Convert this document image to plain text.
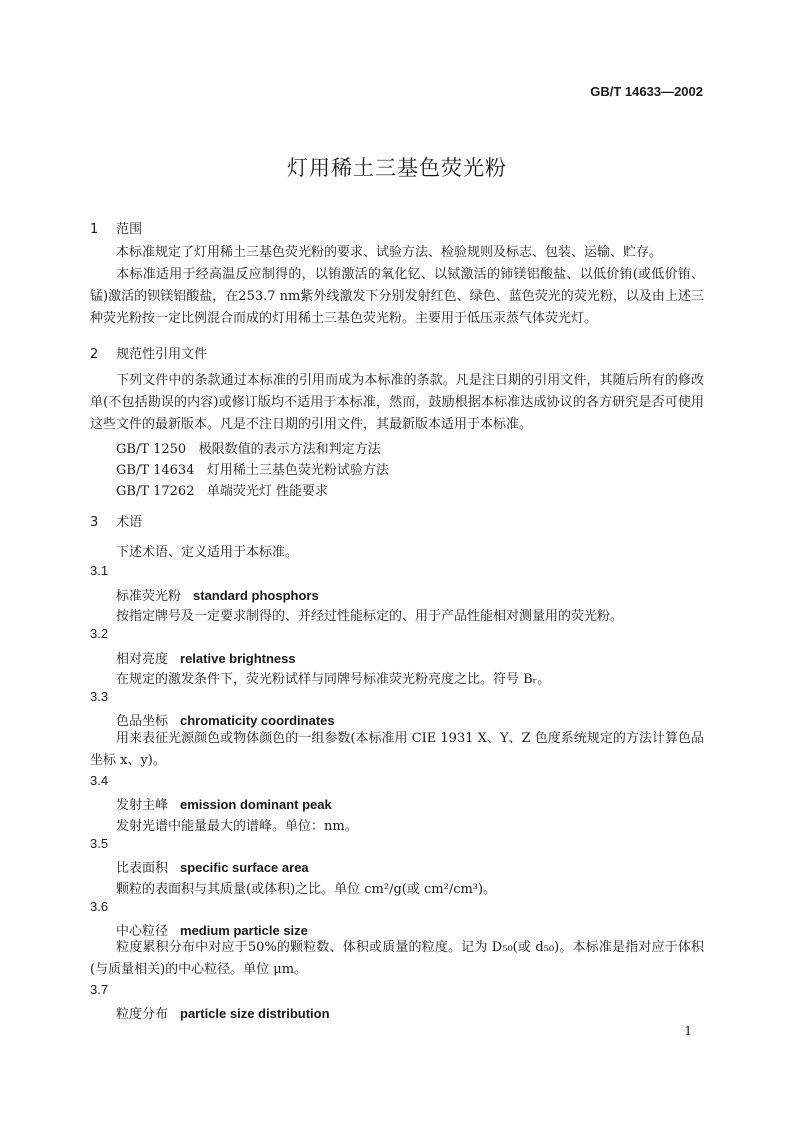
GB/T 14633—2002
灯用稀土三基色荧光粉
1 范围
本标准规定了灯用稀土三基色荧光粉的要求、试验方法、检验规则及标志、包装、运输、贮存。
本标准适用于经高温反应制得的，以铕激活的氧化钇、以铽激活的铈镁铝酸盐、以低价铕(或低价铕、锰)激活的钡镁铝酸盐，在253.7 nm紫外线激发下分别发射红色、绿色、蓝色荧光的荧光粉，以及由上述三种荧光粉按一定比例混合而成的灯用稀土三基色荧光粉。主要用于低压汞蒸气体荧光灯。
2 规范性引用文件
下列文件中的条款通过本标准的引用而成为本标准的条款。凡是注日期的引用文件，其随后所有的修改单(不包括勘误的内容)或修订版均不适用于本标准，然而，鼓励根据本标准达成协议的各方研究是否可使用这些文件的最新版本。凡是不注日期的引用文件，其最新版本适用于本标准。
GB/T 1250 极限数值的表示方法和判定方法
GB/T 14634 灯用稀土三基色荧光粉试验方法
GB/T 17262 单端荧光灯 性能要求
3 术语
下述术语、定义适用于本标准。
3.1
标准荧光粉 standard phosphors
按指定牌号及一定要求制得的、并经过性能标定的、用于产品性能相对测量用的荧光粉。
3.2
相对亮度 relative brightness
在规定的激发条件下，荧光粉试样与同牌号标准荧光粉亮度之比。符号 Bᵣ。
3.3
色品坐标 chromaticity coordinates
用来表征光源颜色或物体颜色的一组参数(本标准用 CIE 1931 X、Y、Z 色度系统规定的方法计算色品坐标 x、y)。
3.4
发射主峰 emission dominant peak
发射光谱中能量最大的谱峰。单位：nm。
3.5
比表面积 specific surface area
颗粒的表面积与其质量(或体积)之比。单位 cm²/g(或 cm²/cm³)。
3.6
中心粒径 medium particle size
粒度累积分布中对应于50%的颗粒数、体积或质量的粒度。记为 D₅₀(或 d₅₀)。本标准是指对应于体积(与质量相关)的中心粒径。单位 μm。
3.7
粒度分布 particle size distribution
1
